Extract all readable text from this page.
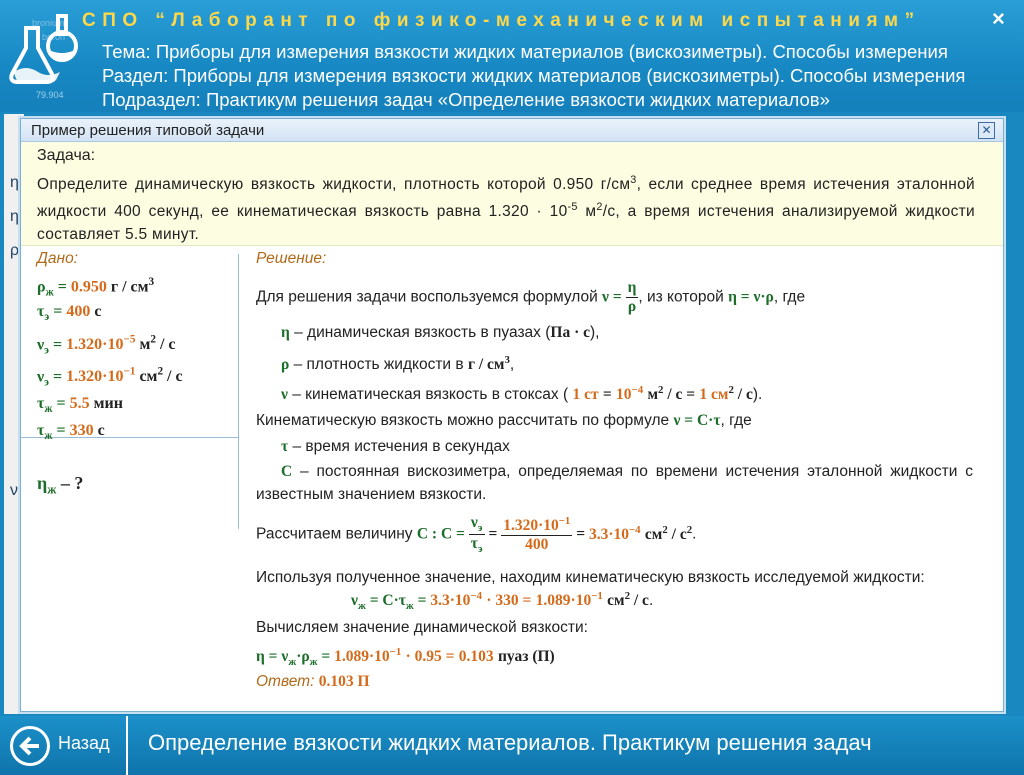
bronium
boron
79.904
СПО “Лаборант по физико-механическим испытаниям”	×
Тема: Приборы для измерения вязкости жидких материалов (вискозиметры). Способы измерения
Раздел: Приборы для измерения вязкости жидких материалов (вискозиметры). Способы измерения
Подраздел: Практикум решения задач «Определение вязкости жидких материалов»
η
η
ρ
ν
Пример решения типовой задачи	✕
Задача:
Определите динамическую вязкость жидкости, плотность которой 0.950 $г/см^3$, если среднее время истечения эталонной жидкости 400 секунд, ее кинематическая вязкость равна $1.320 \cdot 10^{-5}$ $м^2/с$, а время истечения анализируемой жидкости составляет 5.5 минут.
Дано:	Решение:
$\rho_ж = 0.950$ г / $см^3$
$\tau_э = 400$ с
$\nu_э = 1.320\cdot 10^{-5}$ $м^2$ / с
$\nu_э = 1.320\cdot 10^{-1}$ $см^2$ / с
$\tau_ж = 5.5$ мин
$\tau_ж = 330$ с
$\eta_ж$ – ?
Для решения задачи воспользуемся формулой $\nu = \frac{\eta}{\rho}$ , из которой η = ν·ρ, где
η – динамическая вязкость в пуазах (Па · с),
ρ – плотность жидкости в г / $см^3$,
ν – кинематическая вязкость в стоксах ( 1 ст = $10^{-4}$ $м^2 / с = 1$ $см^2 / с$).
Кинематическую вязкость можно рассчитать по формуле ν = C·τ, где
τ – время истечения в секундах
C – постоянная вискозиметра, определяемая по времени истечения эталонной жидкости с известным значением вязкости.
Рассчитаем величину C : $C = \frac{\nu_э}{\tau_э} = \frac{1.320\cdot 10^{-1}}{400} = 3.3\cdot 10^{-4}$ $см^2 / с^2$.
Используя полученное значение, находим кинематическую вязкость исследуемой жидкости:
$\nu_ж = C\cdot\tau_ж = 3.3\cdot 10^{-4} \cdot 330 = 1.089\cdot 10^{-1}$ $см^2$ / с.
Вычисляем значение динамической вязкости:
$\eta = \nu_ж\cdot\rho_ж = 1.089\cdot 10^{-1} \cdot 0.95 = 0.103$ пуаз (П)
Ответ: 0.103 П
Назад Определение вязкости жидких материалов. Практикум решения задач
